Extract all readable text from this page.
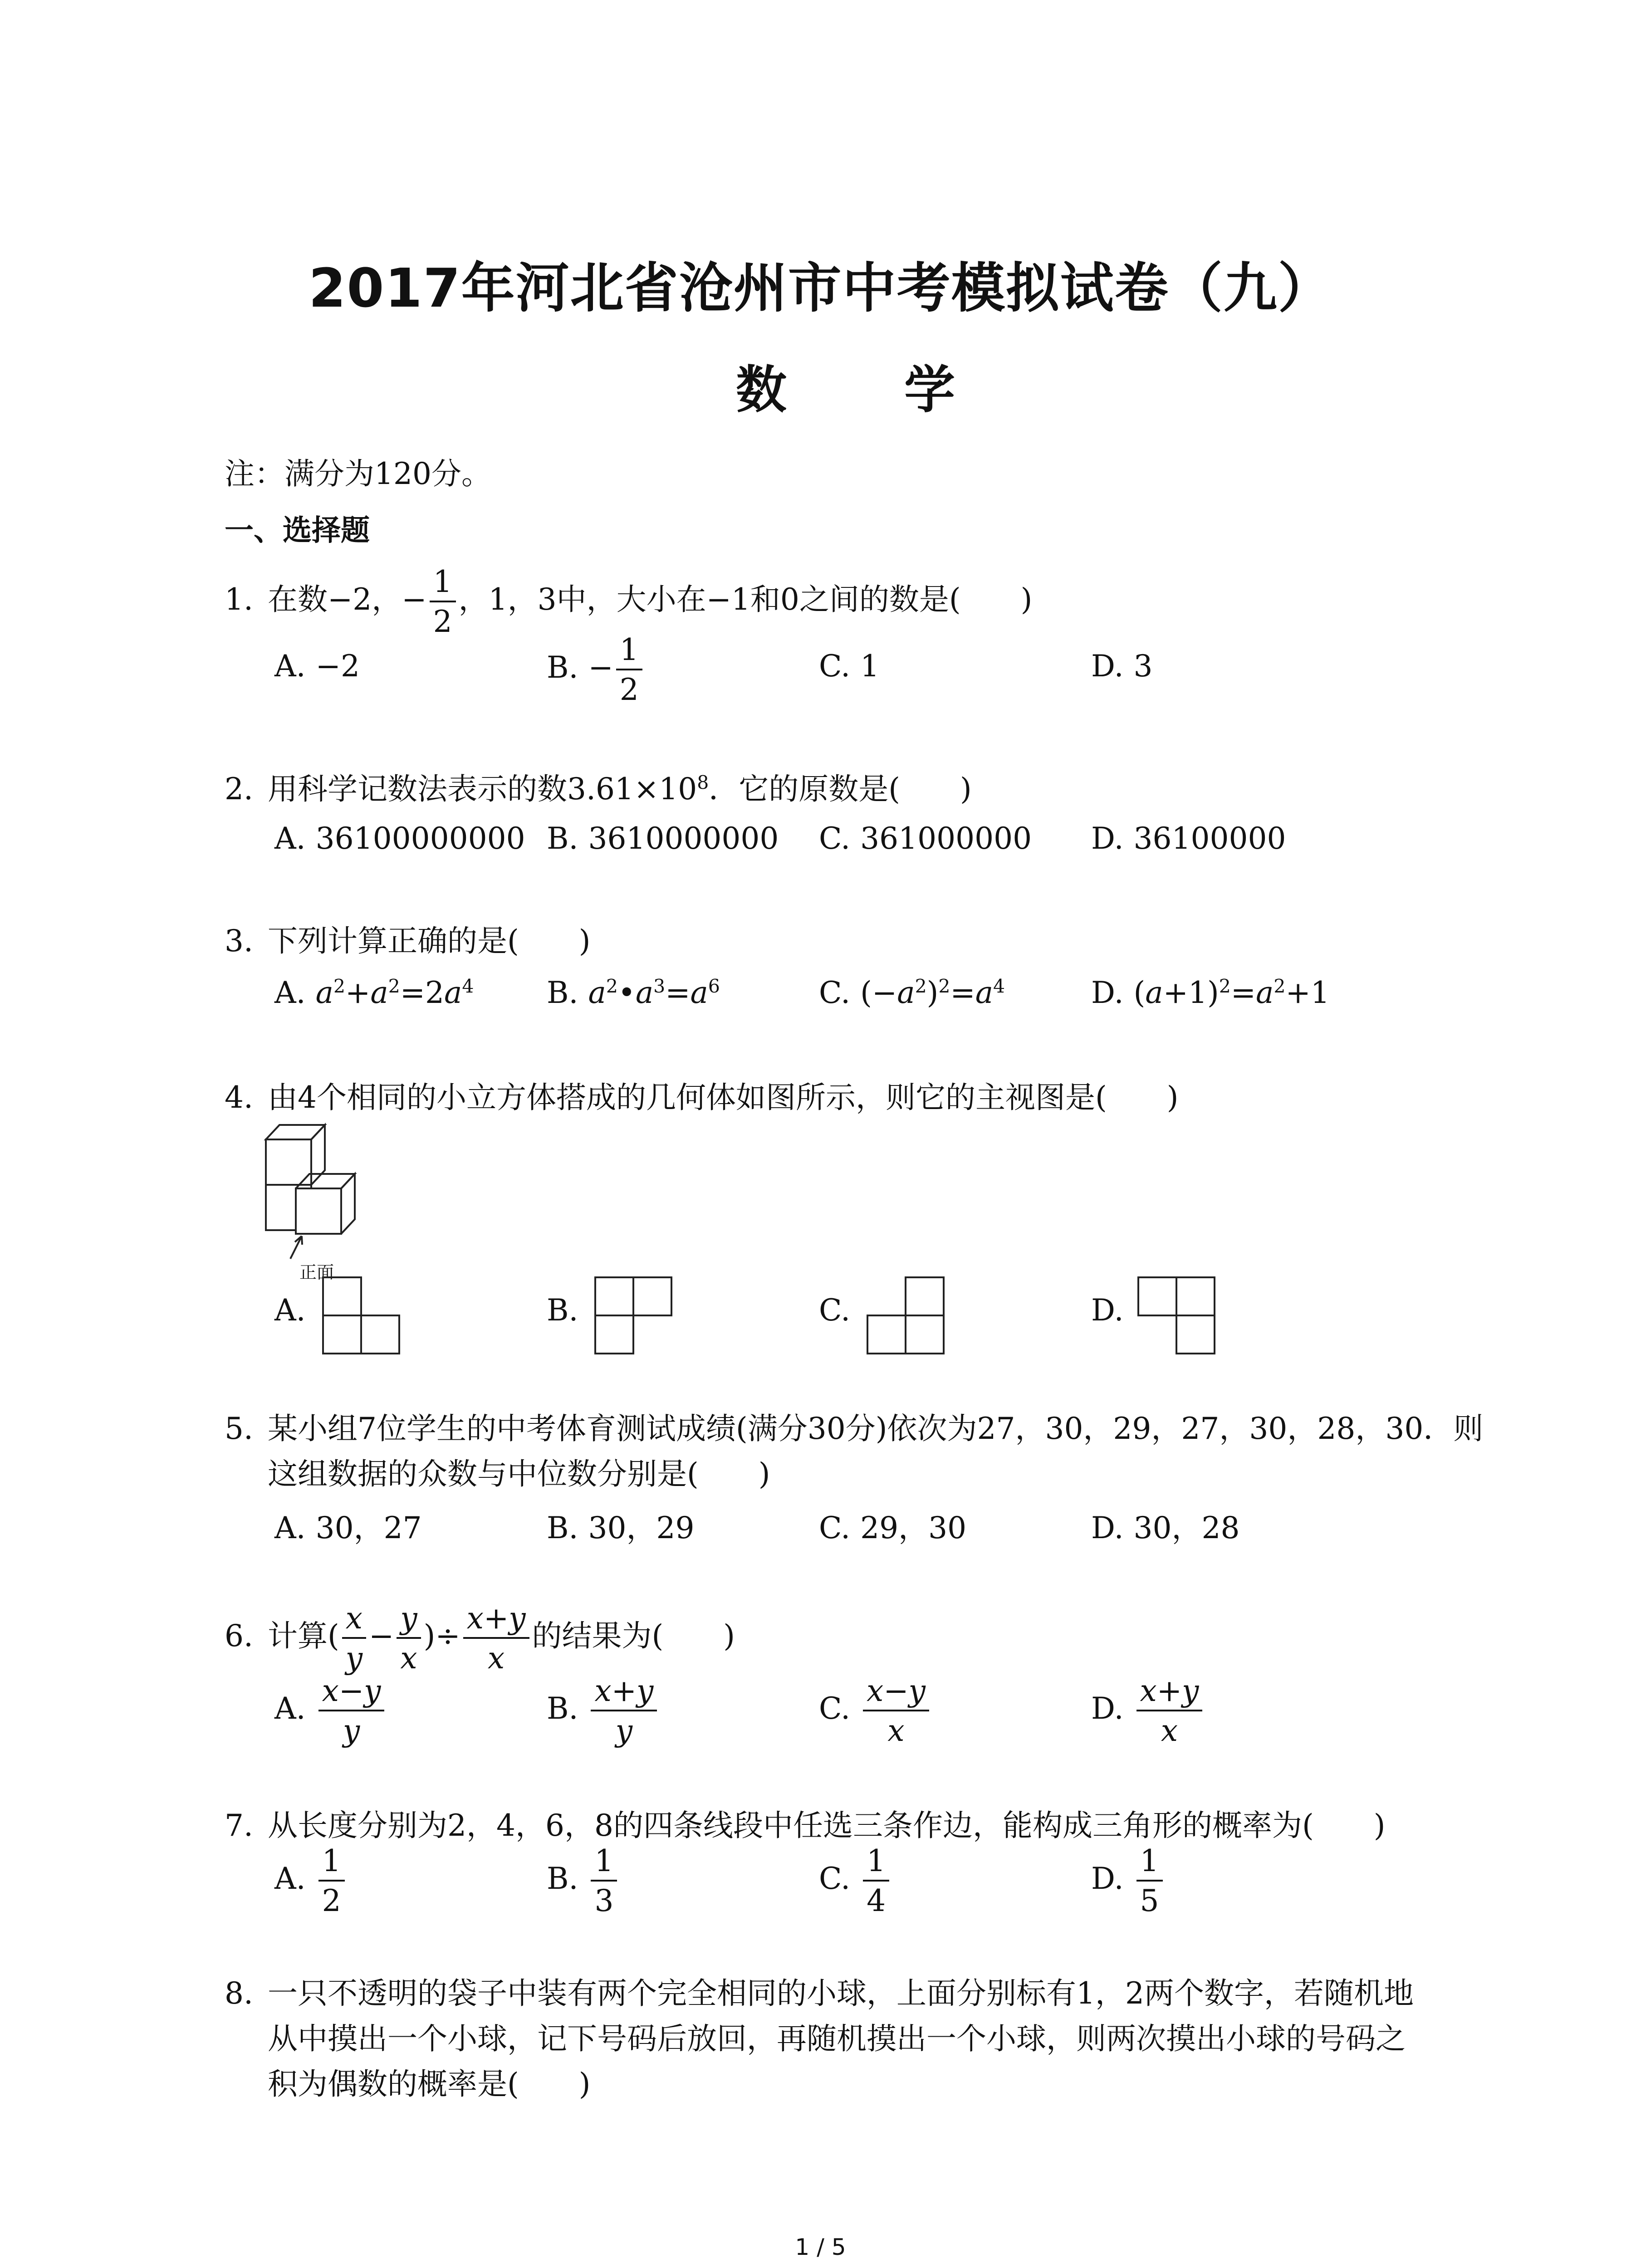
2017年河北省沧州市中考模拟试卷（九）
数 学
注：满分为120分。
一、选择题
1. 在数−2，− $\frac{1}{2}$ ，1，3中，大小在−1和0之间的数是(　　)
A. −2	B. − $\frac{1}{2}$	C. 1	D. 3
2. 用科学记数法表示的数$3.61\times 10^8$．它的原数是(　　)
A. 36100000000 B. 3610000000 C. 361000000 D. 36100000
3. 下列计算正确的是(　　)
A. $a^2+a^2=2a^4$ B. $a^2•a^3=a^6$	C. $(-a^2)^2=a^4$	D. $(a+1)^2=a^2+1$
4. 由4个相同的小立方体搭成的几何体如图所示，则它的主视图是(　　)
正面
A.	B.	C.	D.
5. 某小组7位学生的中考体育测试成绩(满分30分)依次为27，30，29，27，30，28，30．则
这组数据的众数与中位数分别是(　　)
A. 30，27	B. 30，29	C. 29，30	D. 30，28
6. 计算( $\frac{x}{y} - \frac{y}{x}$ )÷ $\frac{x+y}{x}$ 的结果为(　　)
A. $\frac{x-y}{y}$	B. $\frac{x+y}{y}$	C. $\frac{x-y}{x}$	D. $\frac{x+y}{x}$
7. 从长度分别为2，4，6，8的四条线段中任选三条作边，能构成三角形的概率为(　　)
A. $\frac{1}{2}$	B. $\frac{1}{3}$	C. $\frac{1}{4}$	D. $\frac{1}{5}$
8. 一只不透明的袋子中装有两个完全相同的小球，上面分别标有1，2两个数字，若随机地
从中摸出一个小球，记下号码后放回，再随机摸出一个小球，则两次摸出小球的号码之
积为偶数的概率是(　　)
1 / 5
